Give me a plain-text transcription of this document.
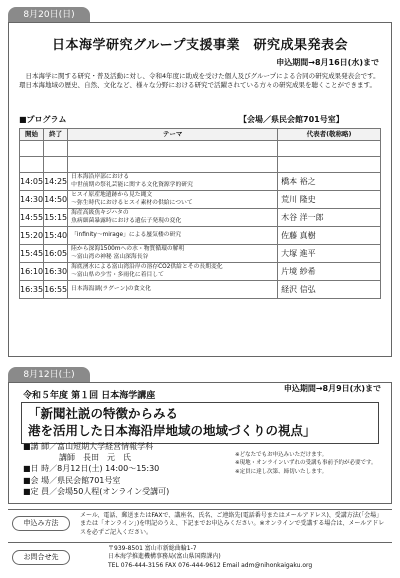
8月20日(日)
日本海学研究グループ支援事業　研究成果発表会
申込期間→8月16日(水)まで
日本海学に関する研究・普及活動に対し、令和4年度に助成を受けた個人及びグループによる合同の研究成果発表会です。環日本海地域の歴史、自然、文化など、様々な分野における研究で活躍されている方々の研究成果を聴くことができます。
■プログラム	【会場／県民会館701号室】
開始	終了	テーマ	代表者(敬称略)

14:05	14:25	日本海沿岸部における
中世前期の祭礼芸能に関する文化資源学的研究	橋本 裕之
14:30	14:50	ヒスイ原産地遺跡から見た縄文
〜弥生時代におけるヒスイ素材の供給について	荒川 隆史
14:55	15:15	海産高級魚キジハタの
魚病細菌暴露時における遺伝子発現の変化	木谷 洋一郎
15:20	15:40	「infinity〜mirage」による蜃気楼の研究	佐藤 真樹
15:45	16:05	陸から深海1500mへの水・物質循環の解明
〜富山湾の神秘 富山深海長谷	大塚 進平
16:10	16:30	海底湧水による富山湾沿岸の溶存CO2供給とその長期変化
〜富山県の少雪・多雨化に着目して	片境 紗希
16:35	16:55	日本海潟湖(ラグーン)の食文化	経沢 信弘
8月12日(土)
申込期間→8月9日(水)まで
令和５年度 第１回 日本海学講座
「新聞社説の特徴からみる
港を活用した日本海沿岸地域の地域づくりの視点」
■講 師／富山短期大学経営情報学科
講師　長田　元　氏
■日 時／8月12日(土) 14:00〜15:30
■会 場／県民会館701号室
■定 員／会場50人程(オンライン受講可)
※どなたでもお申込みいただけます。
※現地・オンラインいずれの受講も事前予約が必要です。
※定員に達し次第、締切いたします。
申込み方法
メール、電話、郵送またはFAXで、講座名、氏名、ご連絡先(電話番号またはメールアドレス)、受講方法(「会場」または「オンライン」)を明記のうえ、下記までお申込みください。※オンラインで受講する場合は、メールアドレスを必ずご記入ください。
お問合せ先
〒939-8501 富山市新総曲輪1-7
日本海学推進機構事務局(富山県国際課内)
TEL 076-444-3156 FAX 076-444-9612 Email adm@nihonkaigaku.org
